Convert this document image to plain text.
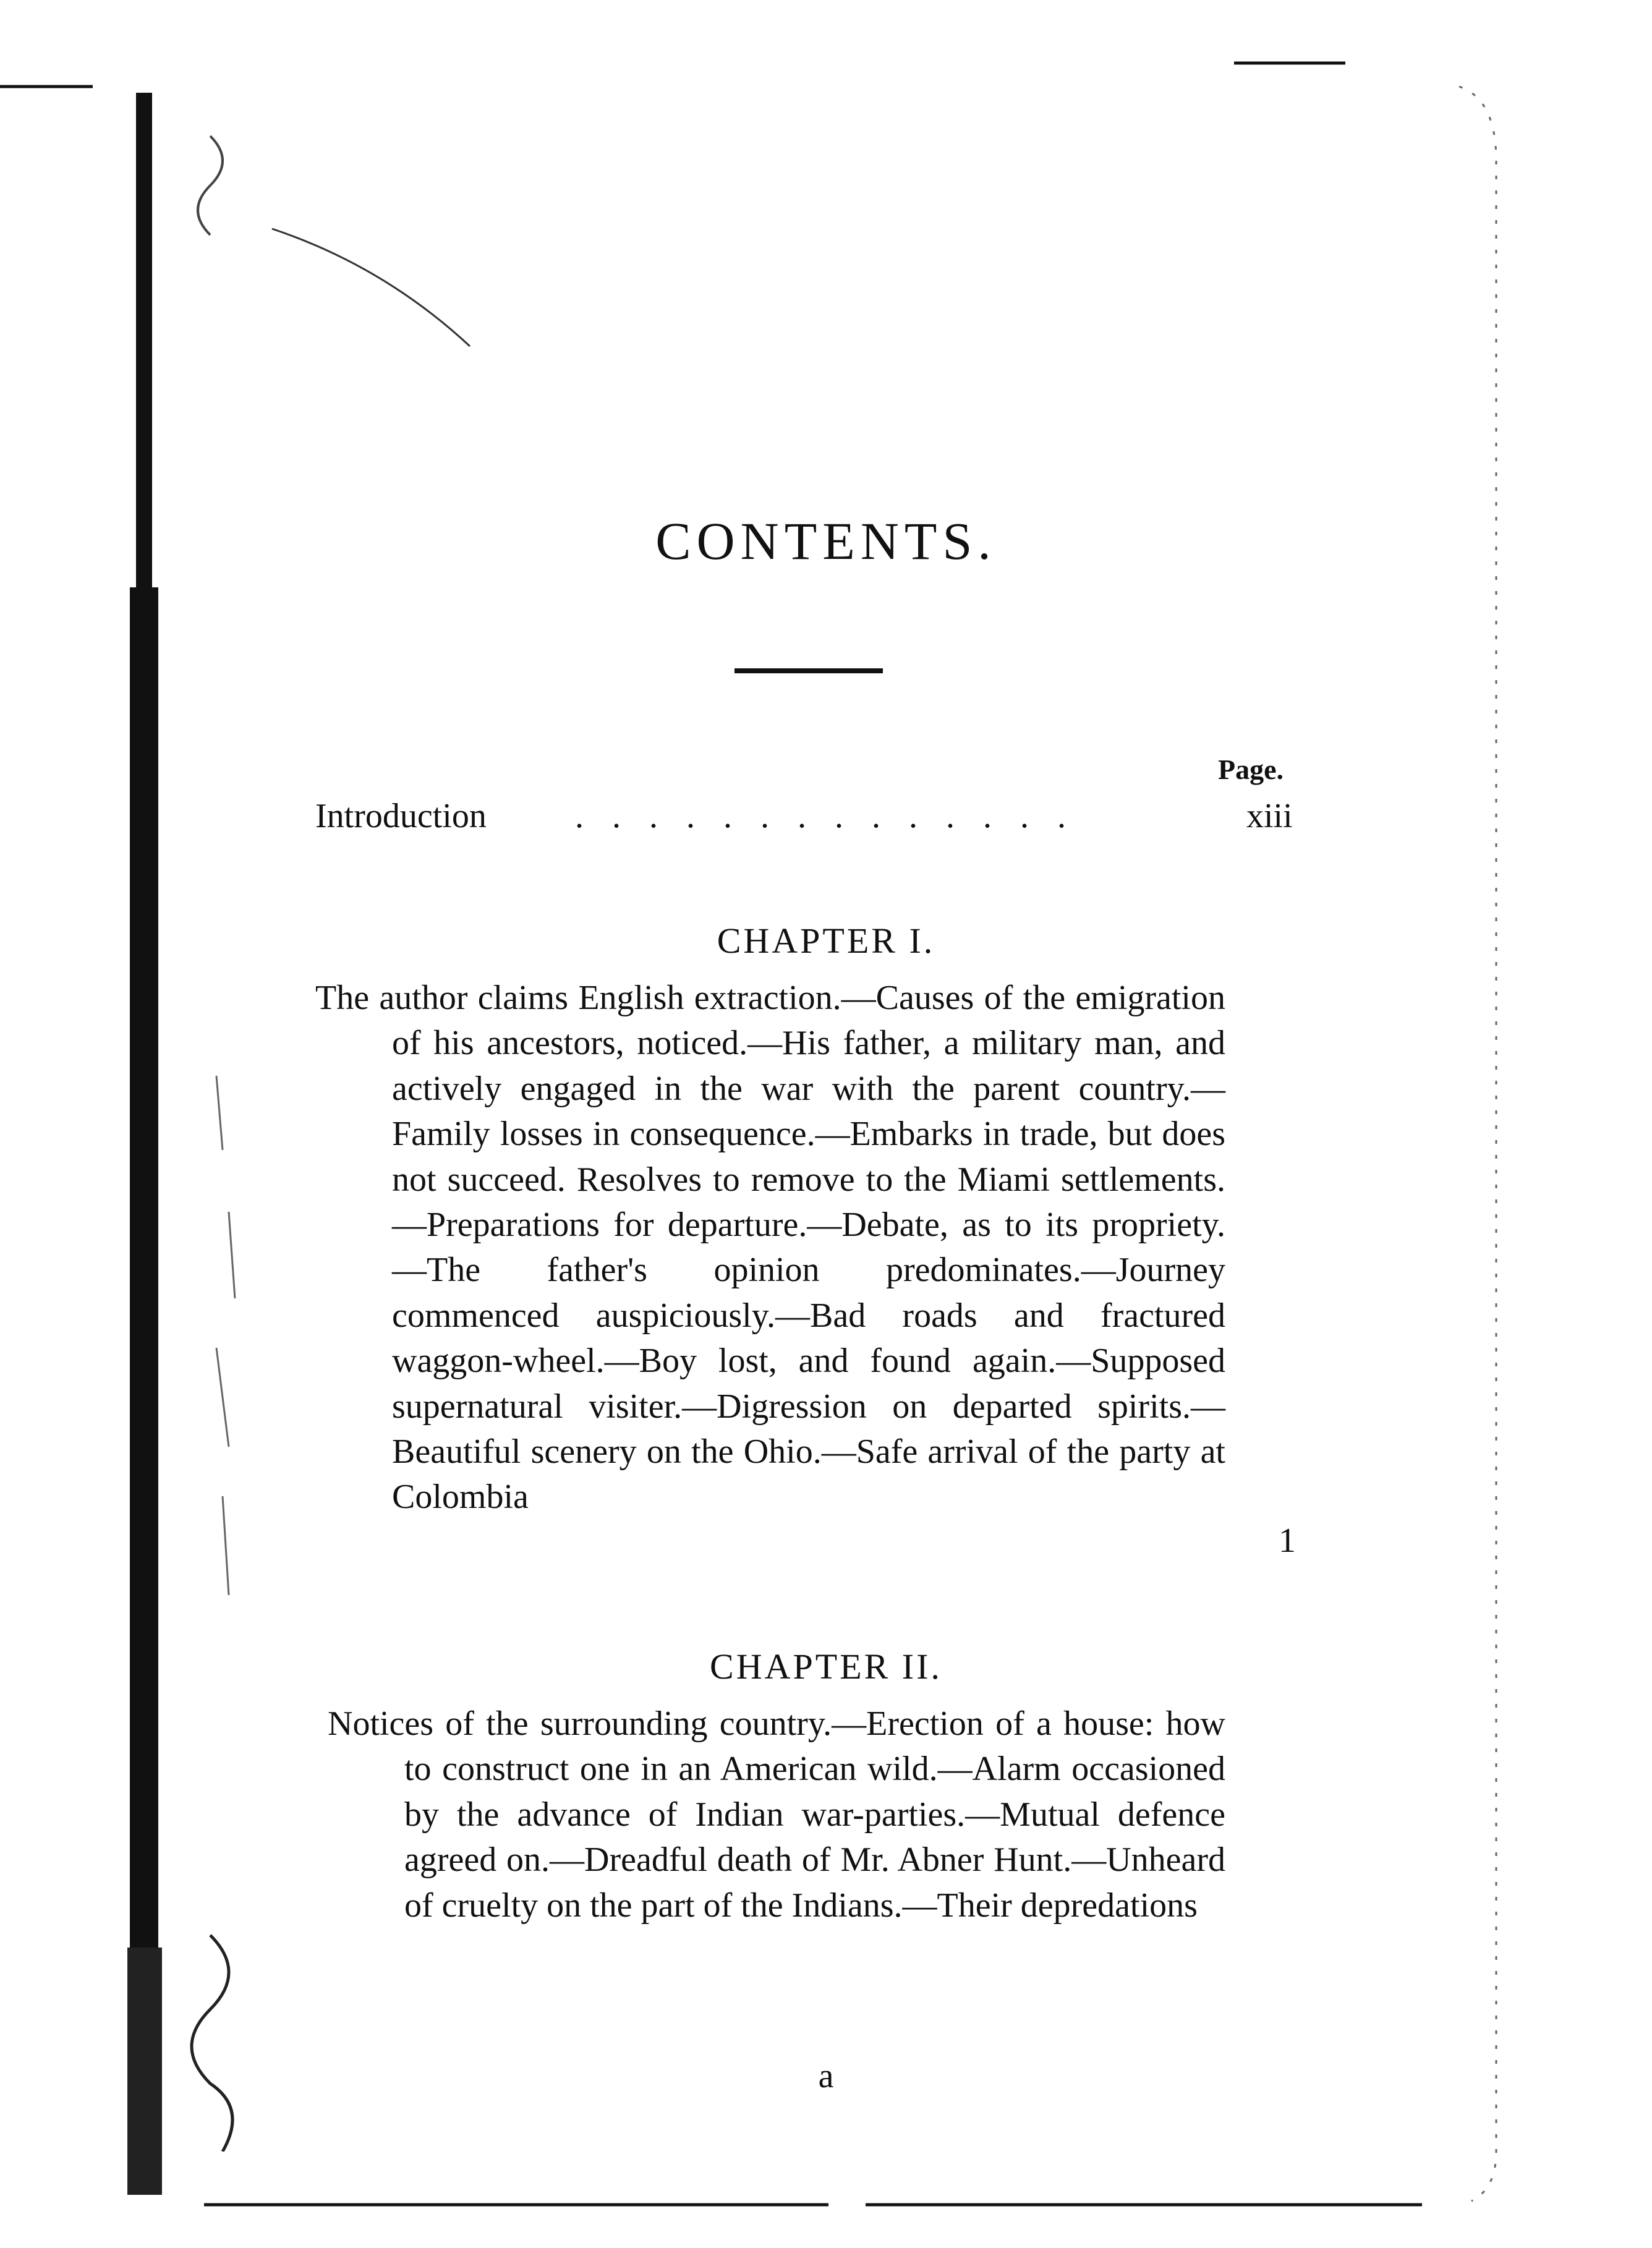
CONTENTS.
Page.
Introduction	. . . . . . . . . . . . . .	xiii
CHAPTER I.
The author claims English extraction.—Causes of the emigration of his ancestors, noticed.—His father, a military man, and actively engaged in the war with the parent country.—Family losses in consequence.—Embarks in trade, but does not succeed. Resolves to remove to the Miami settlements.—Preparations for departure.—Debate, as to its propriety.—The father's opinion predominates.—Journey commenced auspiciously.—Bad roads and fractured waggon-wheel.—Boy lost, and found again.—Supposed supernatural visiter.—Digression on departed spirits.—Beautiful scenery on the Ohio.—Safe arrival of the party at Colombia
1
CHAPTER II.
Notices of the surrounding country.—Erection of a house: how to construct one in an American wild.—Alarm occasioned by the advance of Indian war-parties.—Mutual defence agreed on.—Dreadful death of Mr. Abner Hunt.—Unheard of cruelty on the part of the Indians.—Their depredations
a
